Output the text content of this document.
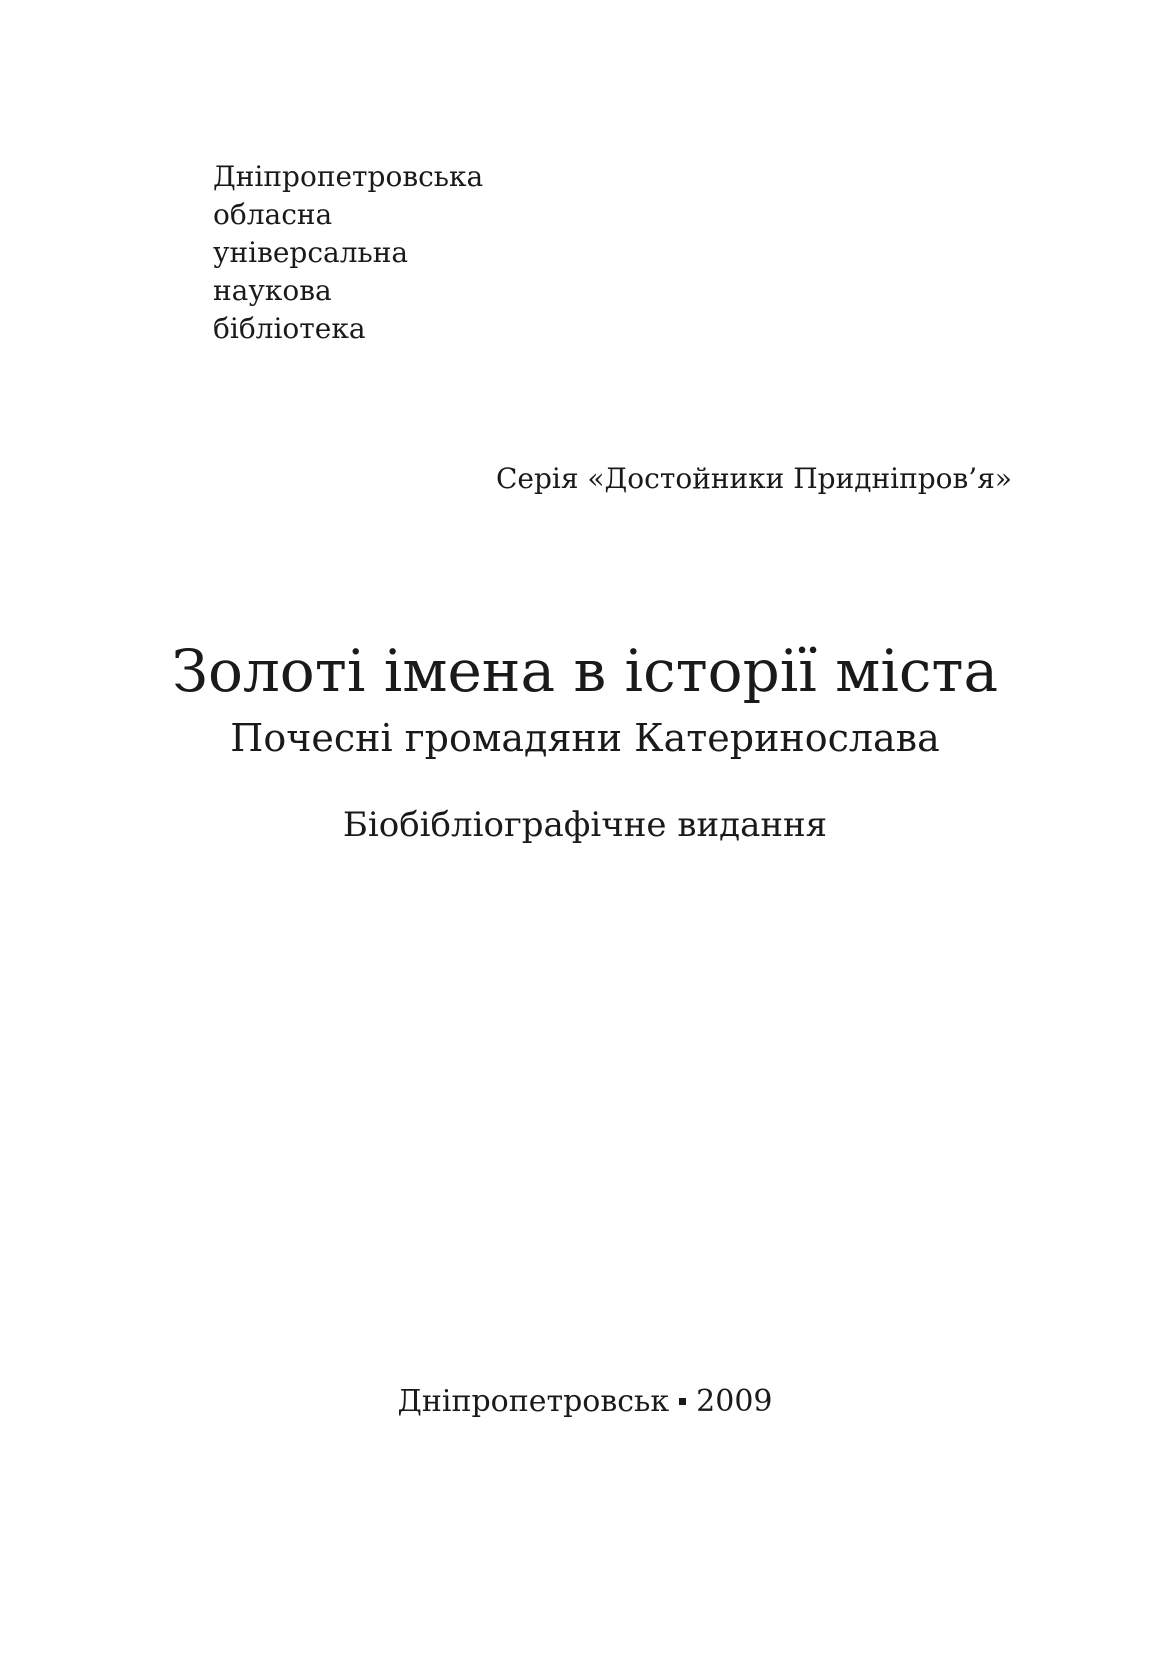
Дніпропетровська
обласна
універсальна
наукова
бібліотека
Серія «Достойники Придніпров’я»
Золоті імена в історії міста
Почесні громадяни Катеринослава
Біобібліографічне видання
Дніпропетровськ 2009
